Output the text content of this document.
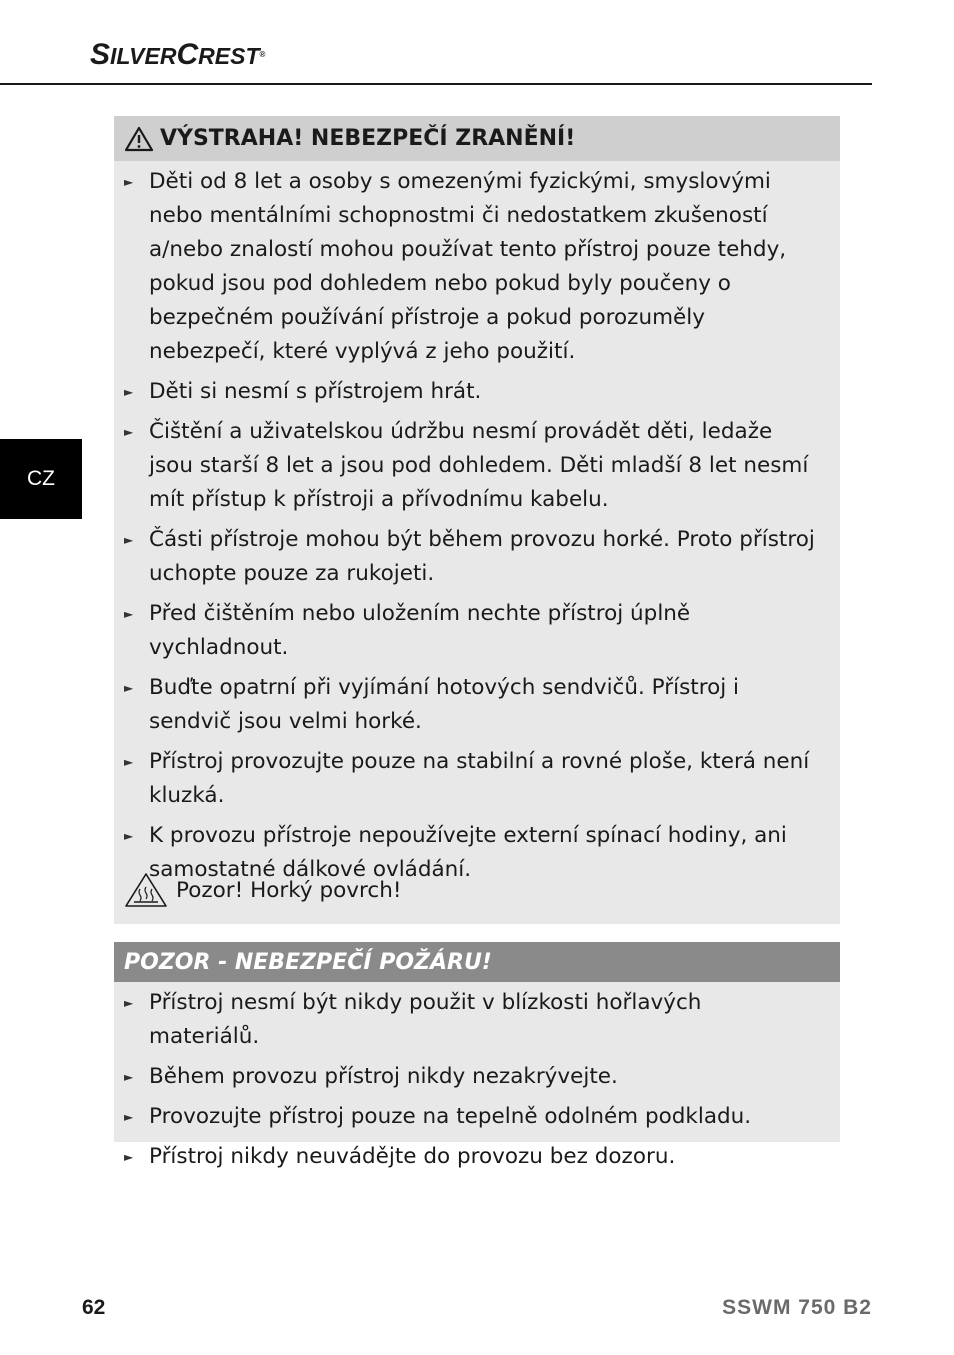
SILVERCREST®
CZ
VÝSTRAHA! NEBEZPEČÍ ZRANĚNÍ!
► Děti od 8 let a osoby s omezenými fyzickými, smyslovými nebo mentálními schopnostmi či nedostatkem zkušeností a/nebo znalostí mohou používat tento přístroj pouze tehdy, pokud jsou pod dohledem nebo pokud byly poučeny o bezpečném používání přístroje a pokud porozuměly nebezpečí, které vyplývá z jeho použití.
► Děti si nesmí s přístrojem hrát.
► Čištění a uživatelskou údržbu nesmí provádět děti, ledaže jsou starší 8 let a jsou pod dohledem. Děti mladší 8 let nesmí mít přístup k přístroji a přívodnímu kabelu.
► Části přístroje mohou být během provozu horké. Proto přístroj uchopte pouze za rukojeti.
► Před čištěním nebo uložením nechte přístroj úplně vychladnout.
► Buďte opatrní při vyjímání hotových sendvičů. Přístroj i sendvič jsou velmi horké.
► Přístroj provozujte pouze na stabilní a rovné ploše, která není kluzká.
► K provozu přístroje nepoužívejte externí spínací hodiny, ani samostatné dálkové ovládání.
Pozor! Horký povrch!
POZOR - NEBEZPEČÍ POŽÁRU!
► Přístroj nesmí být nikdy použit v blízkosti hořlavých materiálů.
► Během provozu přístroj nikdy nezakrývejte.
► Provozujte přístroj pouze na tepelně odolném podkladu.
► Přístroj nikdy neuvádějte do provozu bez dozoru.
62	SSWM 750 B2
